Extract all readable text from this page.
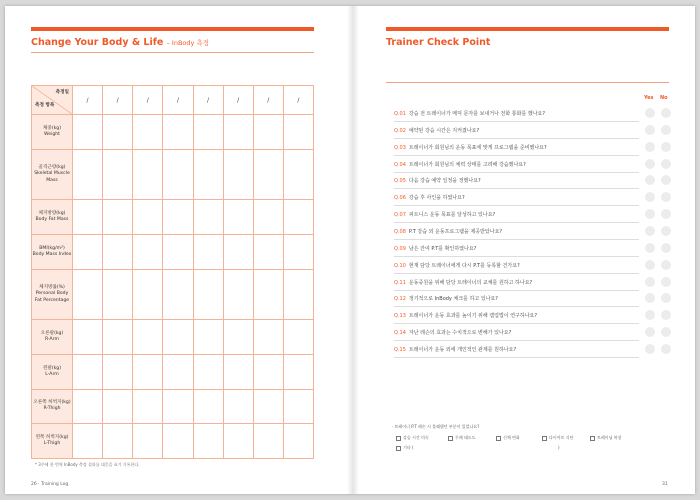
Change Your Body & Life – InBody 측정
측정일
측정 항목	/	/	/	/	/	/	/	/
체중(kg)
Weight								
골격근량(kg)
Skeletal Muscle Mass								
체지방량(kg)
Body Fat Mass								
BMI(kg/m²)
Body Mass Index								
체지방률(%)
Personal Body Fat Percentage								
오른팔(kg)
R-Arm								
왼팔(kg)
L-Arm								
오른쪽 허벅지(kg)
R-Thigh								
왼쪽 허벅지(kg)
L-Thigh								
* 3주에 한 번씩 InBody 측정 결과를 대응을 표기 기록한다.
26 · Training Log
Trainer Check Point
Yes No
Q.01 강습 전 트레이너가 메딕 문자를 보내거나 전화 통화를 했나요?
Q.02 예약된 강습 시간은 지켜졌나요?
Q.03 트레이너가 회원님의 운동 목표에 맞게 프로그램을 준비했나요?
Q.04 트레이너가 회원님의 체력 상태를 고려해 강습했나요?
Q.05 다음 강습 예약 일정을 정했나요?
Q.06 강습 후 사인을 하였나요?
Q.07 피트니스 운동 목표를 달성하고 있나요?
Q.08 P.T 강습 외 운동프로그램을 제공받았나요?
Q.09 남은 잔여 P.T를 확인하였나요?
Q.10 현재 담당 트레이너에게 다시 P.T를 등록할 건가요?
Q.11 운동중원을 위해 담당 트레이너의 교체를 원하고 하나요?
Q.12 정기적으로 InBody 체크를 하고 있나요?
Q.13 트레이너가 운동 효과를 높이기 위해 캠업법이 연구하나요?
Q.14 자난 레슨의 효과는 수치적으로 변해가 있나요?
Q.15 트레이너가 운동 외에 개인적인 관계를 원하나요?
· 트레이너 P.T 레슨 시 불쾌했던 부분이 있었나요?
강습 시간 미숙	무례 태도도	신체 변화	다이어트 식단	트레이닝 복장
기타 (	)
31
